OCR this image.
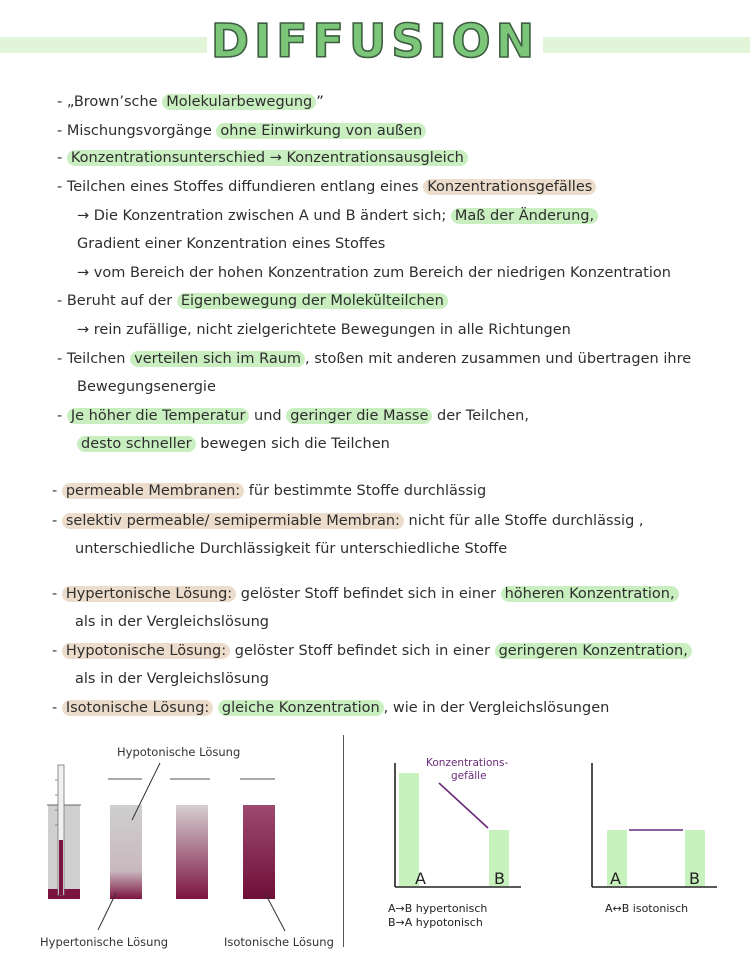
DIFFUSION
- „Brown’sche Molekularbewegung ”
- Mischungsvorgänge ohne Einwirkung von außen
- Konzentrationsunterschied → Konzentrationsausgleich
- Teilchen eines Stoffes diffundieren entlang eines Konzentrationsgefälles
→ Die Konzentration zwischen A und B ändert sich; Maß der Änderung,
Gradient einer Konzentration eines Stoffes
→ vom Bereich der hohen Konzentration zum Bereich der niedrigen Konzentration
- Beruht auf der Eigenbewegung der Molekülteilchen
→ rein zufällige, nicht zielgerichtete Bewegungen in alle Richtungen
- Teilchen verteilen sich im Raum , stoßen mit anderen zusammen und übertragen ihre
Bewegungsenergie
- Je höher die Temperatur und geringer die Masse der Teilchen,
desto schneller bewegen sich die Teilchen
- permeable Membranen: für bestimmte Stoffe durchlässig
- selektiv permeable/ semipermiable Membran: nicht für alle Stoffe durchlässig ,
unterschiedliche Durchlässigkeit für unterschiedliche Stoffe
- Hypertonische Lösung: gelöster Stoff befindet sich in einer höheren Konzentration,
als in der Vergleichslösung
- Hypotonische Lösung: gelöster Stoff befindet sich in einer geringeren Konzentration,
als in der Vergleichslösung
- Isotonische Lösung: gleiche Konzentration , wie in der Vergleichslösungen
Hypotonische Lösung
Hypertonische Lösung	Isotonische Lösung
Konzentrations-
gefälle
A	B
A→B hypertonisch
B→A hypotonisch
A	B
A↔B isotonisch
